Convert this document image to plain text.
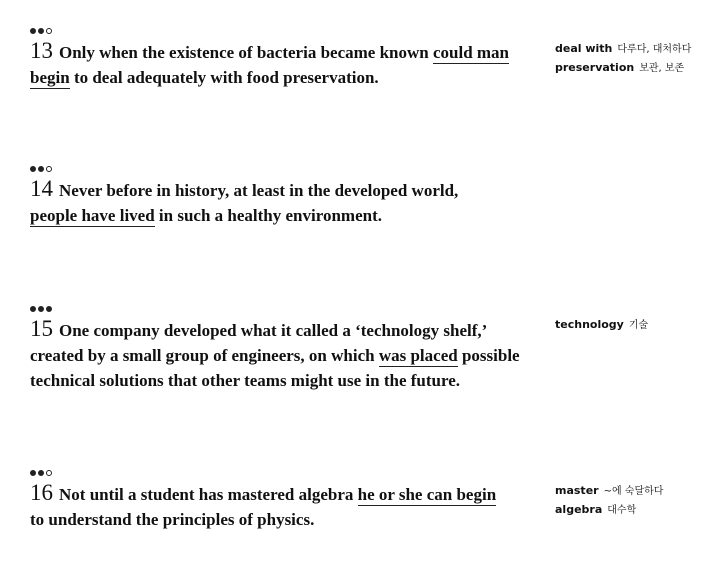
13 Only when the existence of bacteria became known could man
begin to deal adequately with food preservation.
deal with 다루다, 대처하다
preservation 보관, 보존
14 Never before in history, at least in the developed world,
people have lived in such a healthy environment.
15 One company developed what it called a ‘technology shelf,’
created by a small group of engineers, on which was placed possible
technical solutions that other teams might use in the future.
technology 기술
16 Not until a student has mastered algebra he or she can begin
to understand the principles of physics.
master ~에 숙달하다
algebra 대수학
